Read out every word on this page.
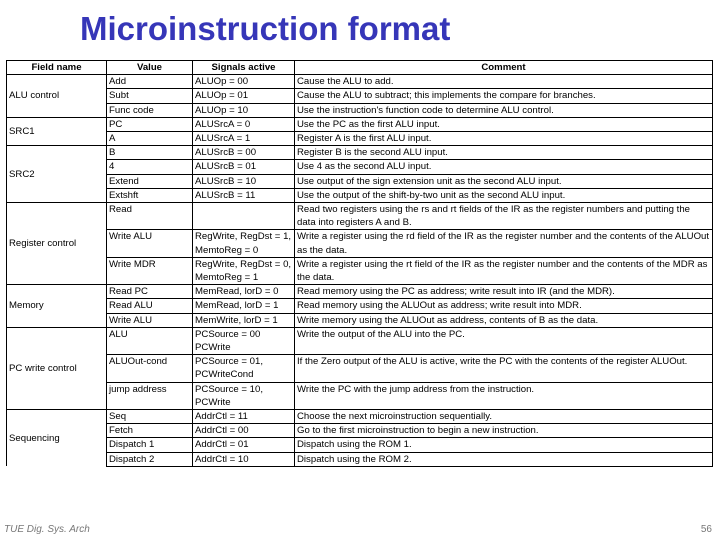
Microinstruction format
Field name	Value	Signals active	Comment
ALU control	Add	ALUOp = 00	Cause the ALU to add.
	Subt	ALUOp = 01	Cause the ALU to subtract; this implements the compare for branches.
	Func code	ALUOp = 10	Use the instruction's function code to determine ALU control.
SRC1	PC	ALUSrcA = 0	Use the PC as the first ALU input.
	A	ALUSrcA = 1	Register A is the first ALU input.
SRC2	B	ALUSrcB = 00	Register B is the second ALU input.
	4	ALUSrcB = 01	Use 4 as the second ALU input.
	Extend	ALUSrcB = 10	Use output of the sign extension unit as the second ALU input.
	Extshft	ALUSrcB = 11	Use the output of the shift-by-two unit as the second ALU input.
Register control	Read		Read two registers using the rs and rt fields of the IR as the register numbers and putting the data into registers A and B.
	Write ALU	RegWrite, RegDst = 1, MemtoReg = 0	Write a register using the rd field of the IR as the register number and the contents of the ALUOut as the data.
	Write MDR	RegWrite, RegDst = 0, MemtoReg = 1	Write a register using the rt field of the IR as the register number and the contents of the MDR as the data.
Memory	Read PC	MemRead, lorD = 0	Read memory using the PC as address; write result into IR (and the MDR).
	Read ALU	MemRead, lorD = 1	Read memory using the ALUOut as address; write result into MDR.
	Write ALU	MemWrite, lorD = 1	Write memory using the ALUOut as address, contents of B as the data.
PC write control	ALU	PCSource = 00 PCWrite	Write the output of the ALU into the PC.
	ALUOut-cond	PCSource = 01, PCWriteCond	If the Zero output of the ALU is active, write the PC with the contents of the register ALUOut.
	jump address	PCSource = 10, PCWrite	Write the PC with the jump address from the instruction.
Sequencing	Seq	AddrCtl = 11	Choose the next microinstruction sequentially.
	Fetch	AddrCtl = 00	Go to the first microinstruction to begin a new instruction.
	Dispatch 1	AddrCtl = 01	Dispatch using the ROM 1.
	Dispatch 2	AddrCtl = 10	Dispatch using the ROM 2.
TUE Dig. Sys. Arch	56
